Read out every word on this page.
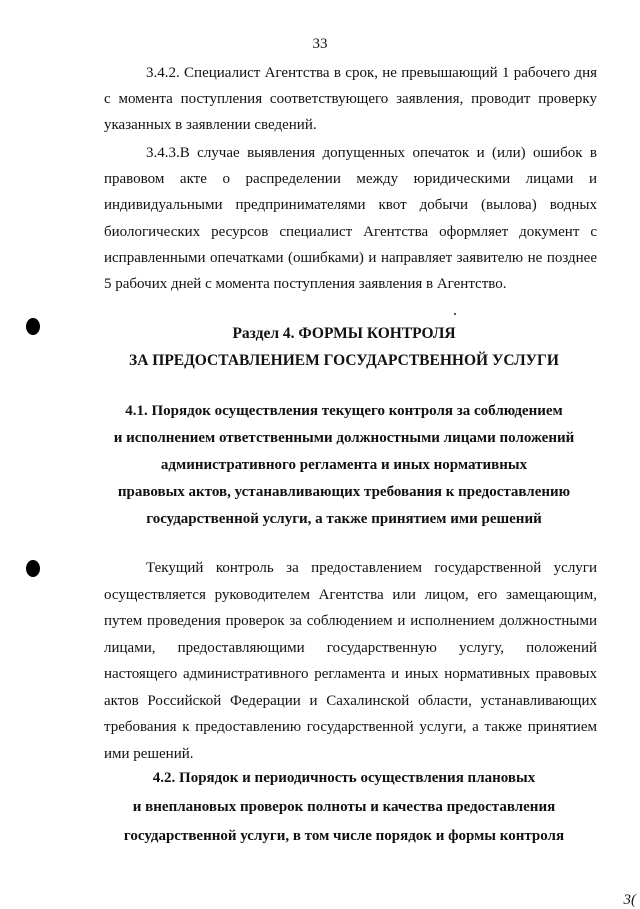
33
3.4.2. Специалист Агентства в срок, не превышающий 1 рабочего дня с момента поступления соответствующего заявления, проводит проверку указанных в заявлении сведений.
3.4.3.В случае выявления допущенных опечаток и (или) ошибок в правовом акте о распределении между юридическими лицами и индивидуальными предпринимателями квот добычи (вылова) водных биологических ресурсов специалист Агентства оформляет документ с исправленными опечатками (ошибками) и направляет заявителю не позднее 5 рабочих дней с момента поступления заявления в Агентство.
Раздел 4. ФОРМЫ КОНТРОЛЯ
ЗА ПРЕДОСТАВЛЕНИЕМ ГОСУДАРСТВЕННОЙ УСЛУГИ
4.1. Порядок осуществления текущего контроля за соблюдением
и исполнением ответственными должностными лицами положений
административного регламента и иных нормативных
правовых актов, устанавливающих требования к предоставлению
государственной услуги, а также принятием ими решений
Текущий контроль за предоставлением государственной услуги осуществляется руководителем Агентства или лицом, его замещающим, путем проведения проверок за соблюдением и исполнением должностными лицами, предоставляющими государственную услугу, положений настоящего административного регламента и иных нормативных правовых актов Российской Федерации и Сахалинской области, устанавливающих требования к предоставлению государственной услуги, а также принятием ими решений.
4.2. Порядок и периодичность осуществления плановых
и внеплановых проверок полноты и качества предоставления
государственной услуги, в том числе порядок и формы контроля
3(
